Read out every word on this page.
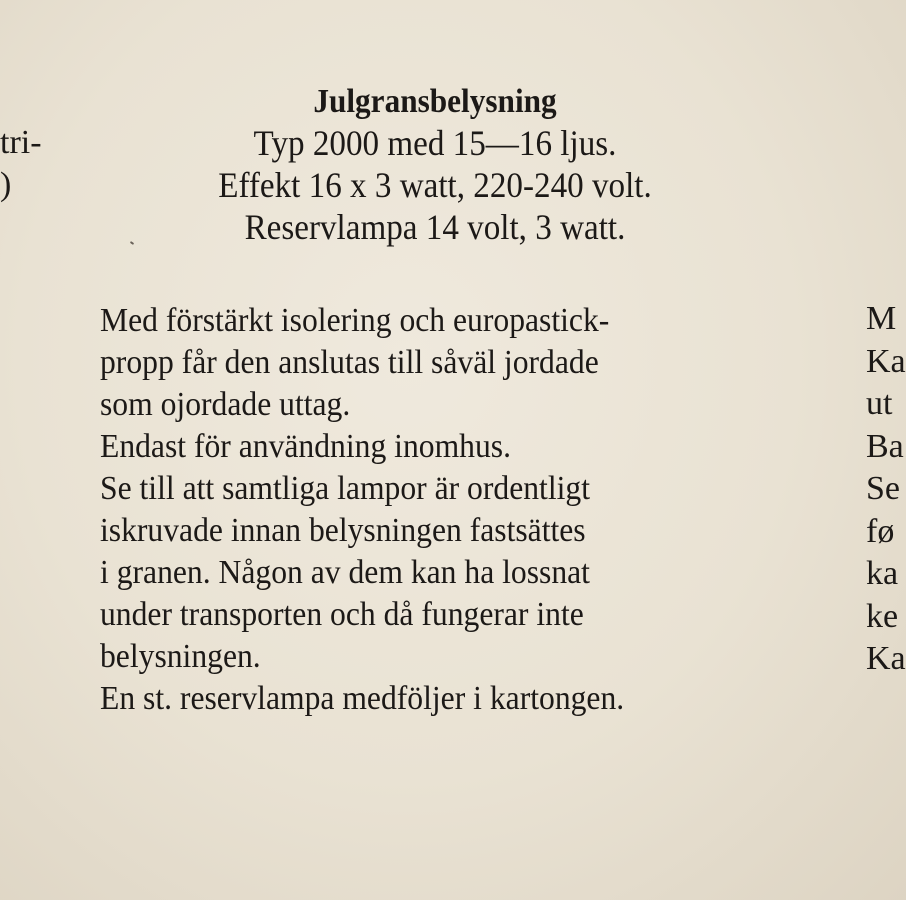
tri-
)
Julgransbelysning
Typ 2000 med 15—16 ljus.
Effekt 16 x 3 watt, 220-240 volt.
Reservlampa 14 volt, 3 watt.
Med förstärkt isolering och europastick-
propp får den anslutas till såväl jordade
som ojordade uttag.
Endast för användning inomhus.
Se till att samtliga lampor är ordentligt
iskruvade innan belysningen fastsättes
i granen. Någon av dem kan ha lossnat
under transporten och då fungerar inte
belysningen.
En st. reservlampa medföljer i kartongen.
M
Ka
ut
Ba
Se
fø
ka
ke
Ka
